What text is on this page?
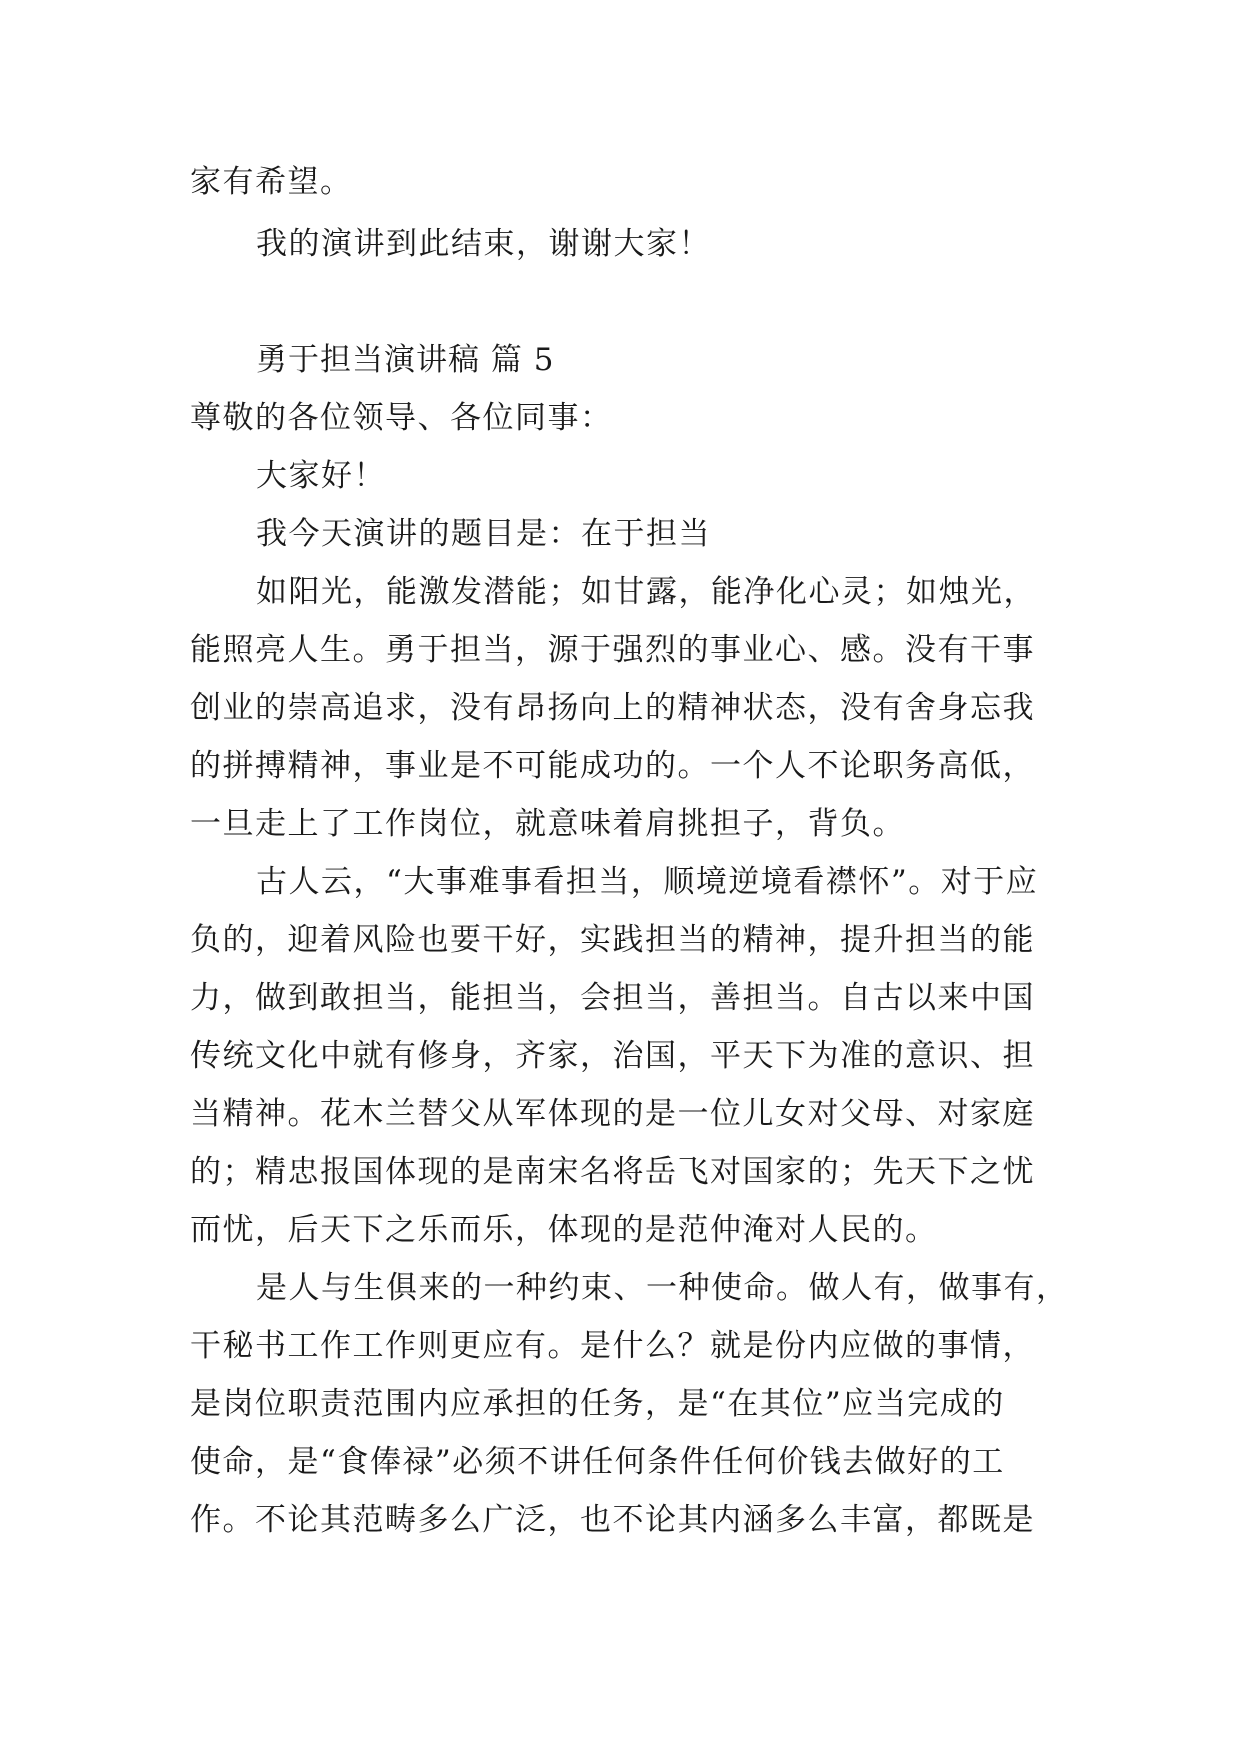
家有希望。
我的演讲到此结束，谢谢大家！
勇于担当演讲稿 篇 5
尊敬的各位领导、各位同事：
大家好！
我今天演讲的题目是：在于担当
如阳光，能激发潜能；如甘露，能净化心灵；如烛光，
能照亮人生。勇于担当，源于强烈的事业心、感。没有干事
创业的崇高追求，没有昂扬向上的精神状态，没有舍身忘我
的拼搏精神，事业是不可能成功的。一个人不论职务高低，
一旦走上了工作岗位，就意味着肩挑担子，背负。
古人云，“大事难事看担当，顺境逆境看襟怀”。对于应
负的，迎着风险也要干好，实践担当的精神，提升担当的能
力，做到敢担当，能担当，会担当，善担当。自古以来中国
传统文化中就有修身，齐家，治国，平天下为准的意识、担
当精神。花木兰替父从军体现的是一位儿女对父母、对家庭
的；精忠报国体现的是南宋名将岳飞对国家的；先天下之忧
而忧，后天下之乐而乐，体现的是范仲淹对人民的。
是人与生俱来的一种约束、一种使命。做人有，做事有，
干秘书工作工作则更应有。是什么？就是份内应做的事情，
是岗位职责范围内应承担的任务，是“在其位”应当完成的
使命，是“食俸禄”必须不讲任何条件任何价钱去做好的工
作。不论其范畴多么广泛，也不论其内涵多么丰富，都既是
